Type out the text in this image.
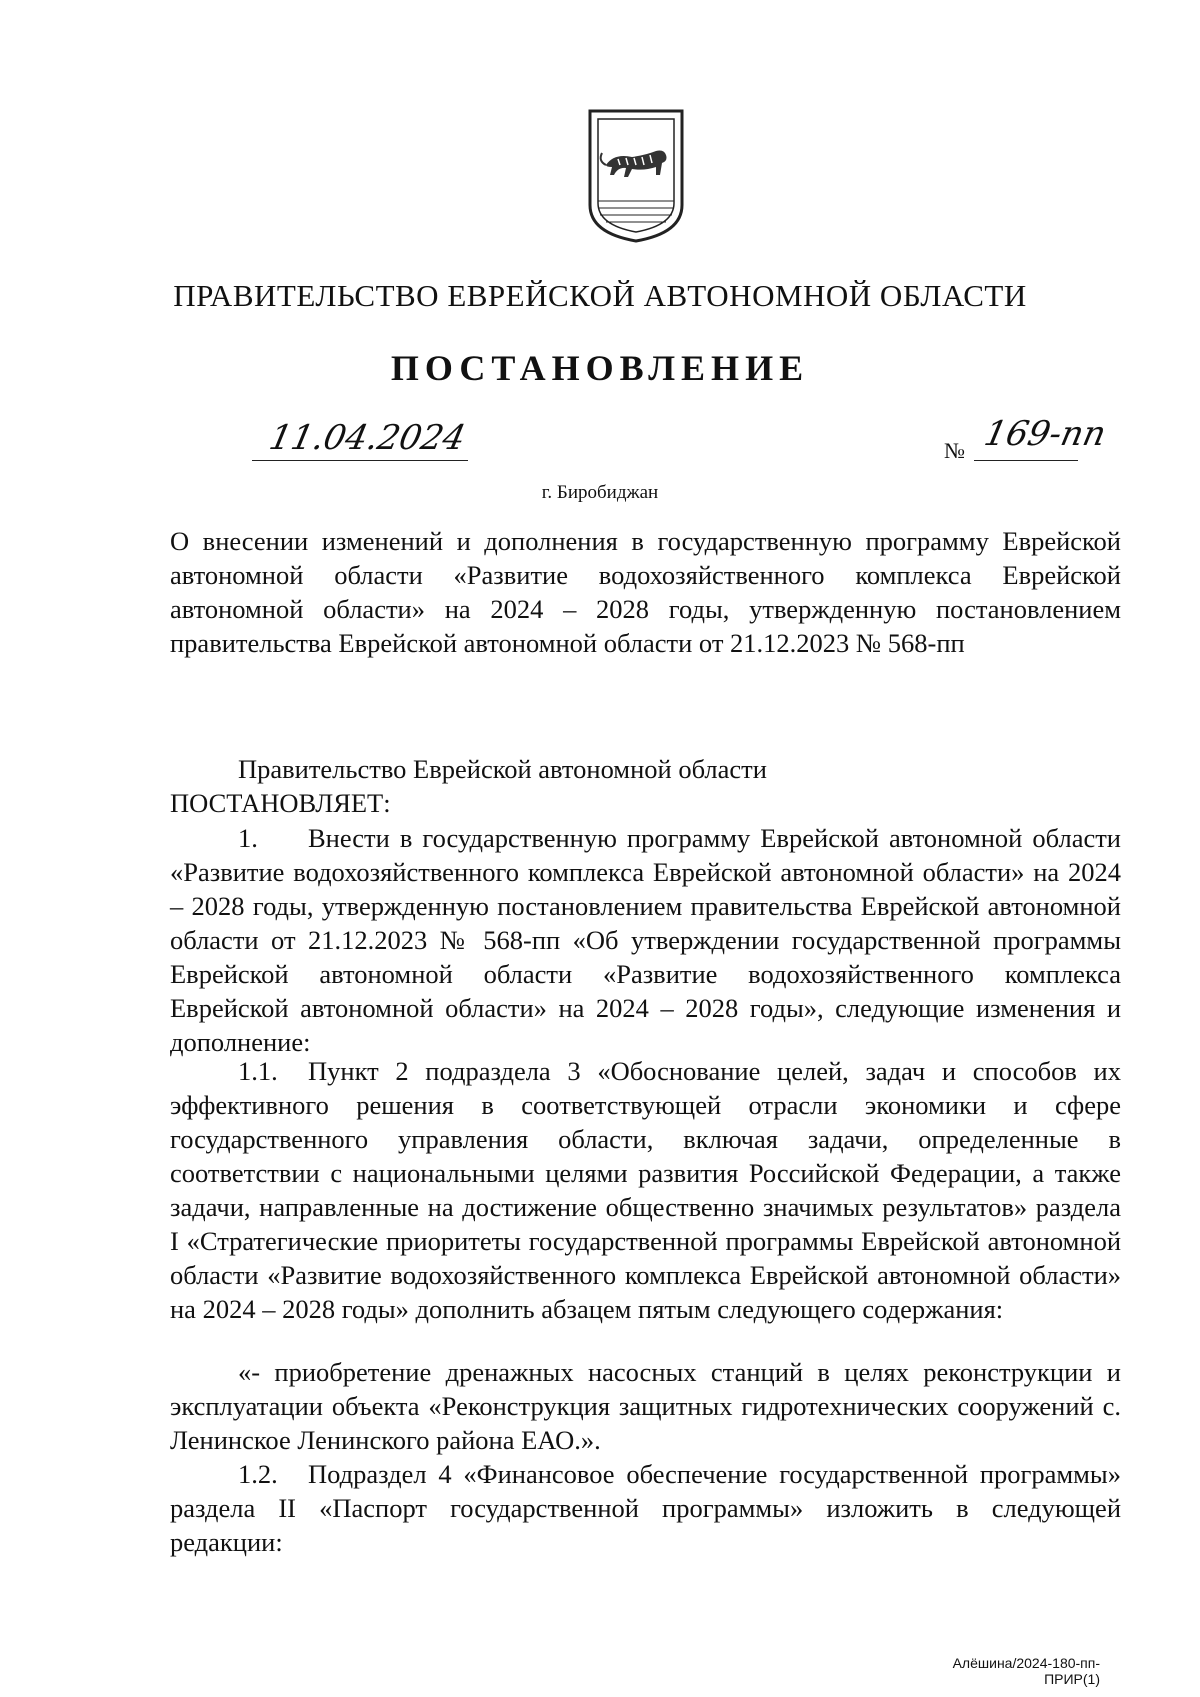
ПРАВИТЕЛЬСТВО ЕВРЕЙСКОЙ АВТОНОМНОЙ ОБЛАСТИ
ПОСТАНОВЛЕНИЕ
11.04.2024	№ 169-пп
г. Биробиджан
О внесении изменений и дополнения в государственную программу Еврейской автономной области «Развитие водохозяйственного комплекса Еврейской автономной области» на 2024 – 2028 годы, утвержденную постановлением правительства Еврейской автономной области от 21.12.2023 № 568-пп
Правительство Еврейской автономной области
ПОСТАНОВЛЯЕТ:
1. Внести в государственную программу Еврейской автономной области «Развитие водохозяйственного комплекса Еврейской автономной области» на 2024 – 2028 годы, утвержденную постановлением правительства Еврейской автономной области от 21.12.2023 № 568-пп «Об утверждении государственной программы Еврейской автономной области «Развитие водохозяйственного комплекса Еврейской автономной области» на 2024 – 2028 годы», следующие изменения и дополнение:
1.1. Пункт 2 подраздела 3 «Обоснование целей, задач и способов их эффективного решения в соответствующей отрасли экономики и сфере государственного управления области, включая задачи, определенные в соответствии с национальными целями развития Российской Федерации, а также задачи, направленные на достижение общественно значимых результатов» раздела I «Стратегические приоритеты государственной программы Еврейской автономной области «Развитие водохозяйственного комплекса Еврейской автономной области» на 2024 – 2028 годы» дополнить абзацем пятым следующего содержания:
«- приобретение дренажных насосных станций в целях реконструкции и эксплуатации объекта «Реконструкция защитных гидротехнических сооружений с. Ленинское Ленинского района ЕАО.».
1.2. Подраздел 4 «Финансовое обеспечение государственной программы» раздела II «Паспорт государственной программы» изложить в следующей редакции:
Алёшина/2024-180-пп-ПРИР(1)
